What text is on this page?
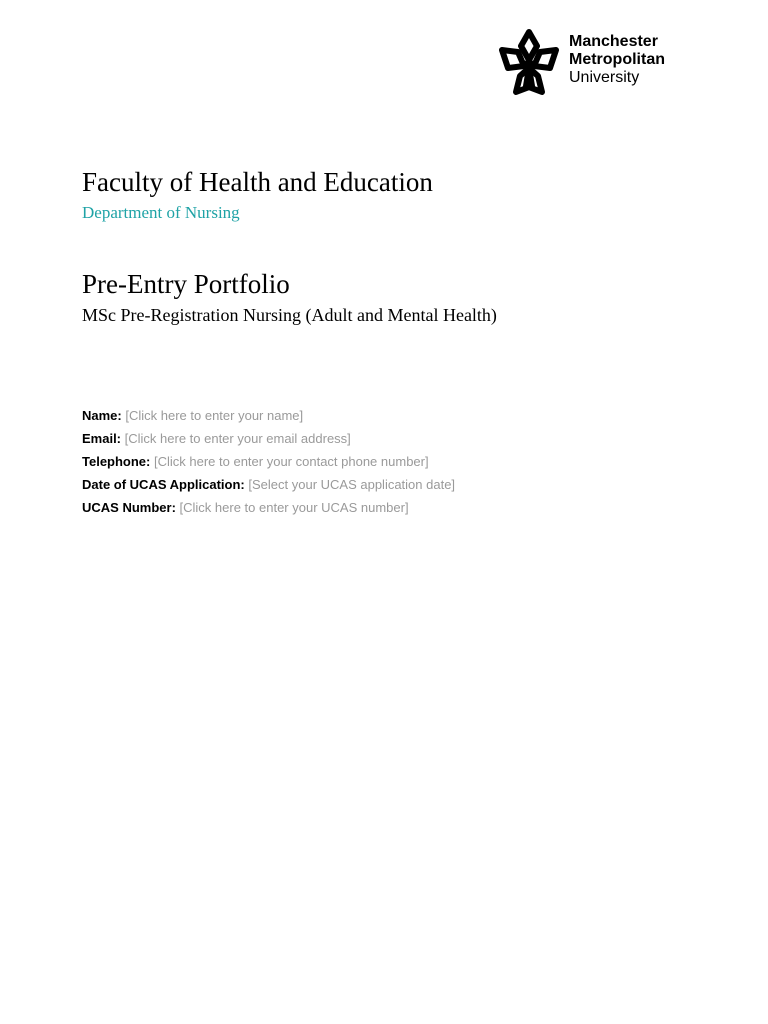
Manchester
Metropolitan
University
Faculty of Health and Education
Department of Nursing
Pre-Entry Portfolio
MSc Pre-Registration Nursing (Adult and Mental Health)
Name: [Click here to enter your name]
Email: [Click here to enter your email address]
Telephone: [Click here to enter your contact phone number]
Date of UCAS Application: [Select your UCAS application date]
UCAS Number: [Click here to enter your UCAS number]
